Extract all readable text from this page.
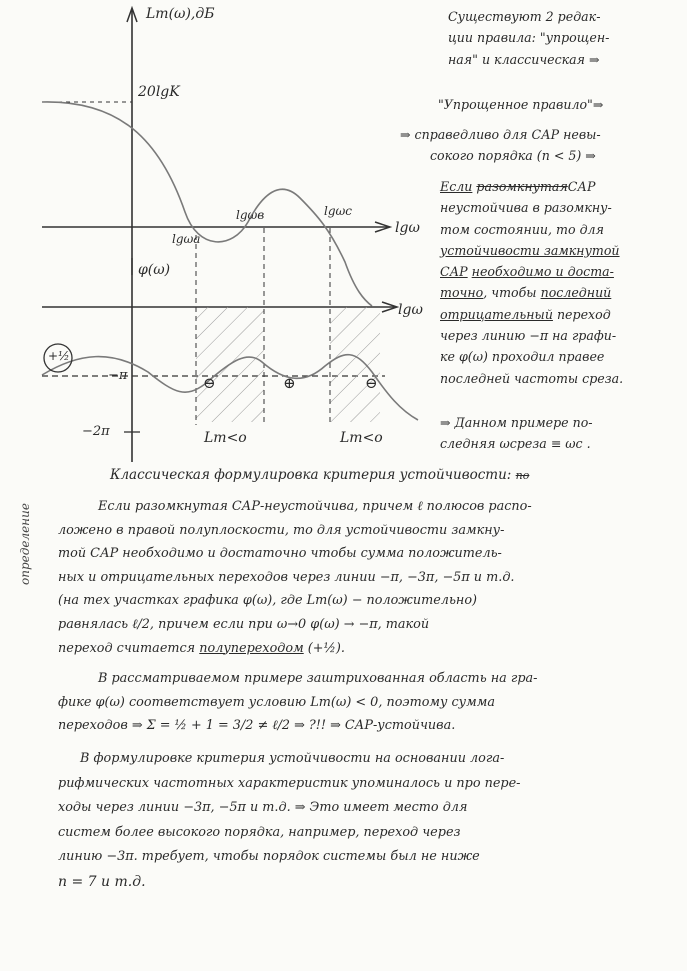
Lm(ω),дБ
20lgK
lgωa
lgωв	lgωc
lgω
φ(ω)
lgω
+½
−π
−2π
⊖	⊕	⊖
Lm<o	Lm<o

Существуют 2 редак-

ции правила: "упрощен-

ная" и классическая ⇒

"Упрощенное правило"⇒

⇒ справедливо для САР невы-

сокого порядка (n < 5) ⇒

Если разомкнутаяСАР

неустойчива в разомкну-

том состоянии, то для

устойчивости замкнутой

САР необходимо и доста-

точно, чтобы последний

отрицательный переход

через линию −π на графи-

ке φ(ω) проходил правее

последней частоты среза.

⇒ Данном примере по-

следняя ωсреза ≡ ωc .

определение

Классическая формулировка критерия устойчивости: по

Если разомкнутая САР-неустойчива, причем ℓ полюсов распо-

ложено в правой полуплоскости, то для устойчивости замкну-

той САР необходимо и достаточно чтобы сумма положитель-

ных и отрицательных переходов через линии −π, −3π, −5π и т.д.

(на тех участках графика φ(ω), где Lm(ω) − положительно)

равнялась ℓ/2, причем если при ω→0 φ(ω) → −π, такой

переход считается полупереходом (+½).

В рассматриваемом примере заштрихованная область на гра-

фике φ(ω) соответствует условию Lm(ω) < 0, поэтому сумма

переходов ⇒ Σ = ½ + 1 = 3/2 ≠ ℓ/2 ⇒ ?!! ⇒ САР-устойчива.

В формулировке критерия устойчивости на основании лога-

рифмических частотных характеристик упоминалось и про пере-

ходы через линии −3π, −5π и т.д. ⇒ Это имеет место для

систем более высокого порядка, например, переход через

линию −3π. требует, чтобы порядок системы был не ниже

n = 7 и т.д.
